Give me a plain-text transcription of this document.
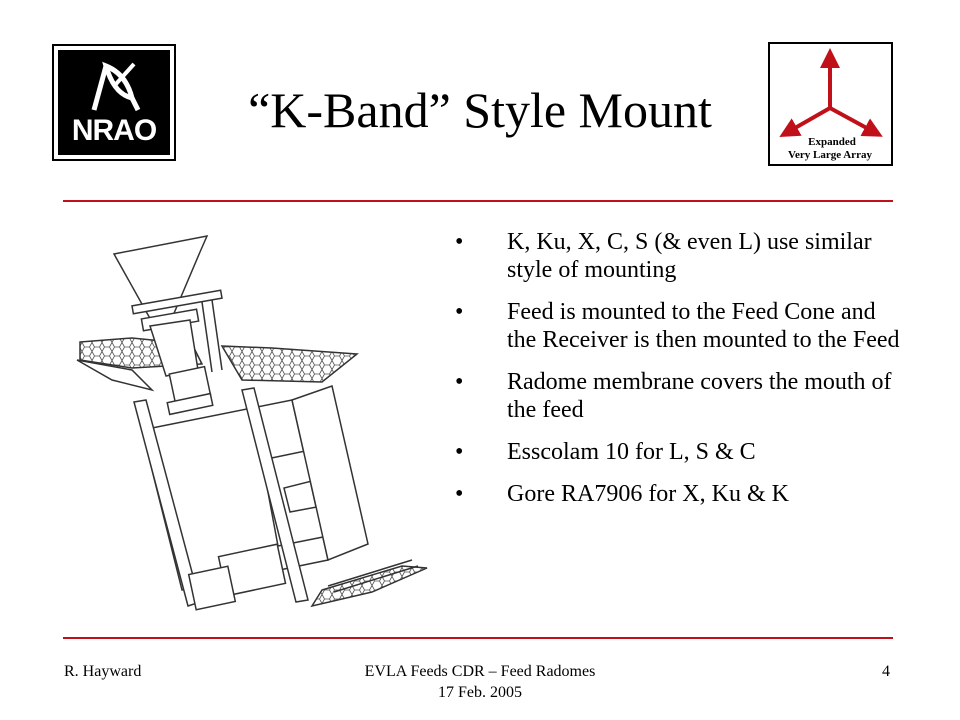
NRAO	Expanded
Very Large Array
“K-Band” Style Mount
• K, Ku, X, C, S (& even L) use similar style of mounting
• Feed is mounted to the Feed Cone and the Receiver is then mounted to the Feed
• Radome membrane covers the mouth of the feed
• Esscolam 10 for L, S & C
• Gore RA7906 for X, Ku & K
R. Hayward	EVLA Feeds CDR – Feed Radomes
17 Feb. 2005
4
